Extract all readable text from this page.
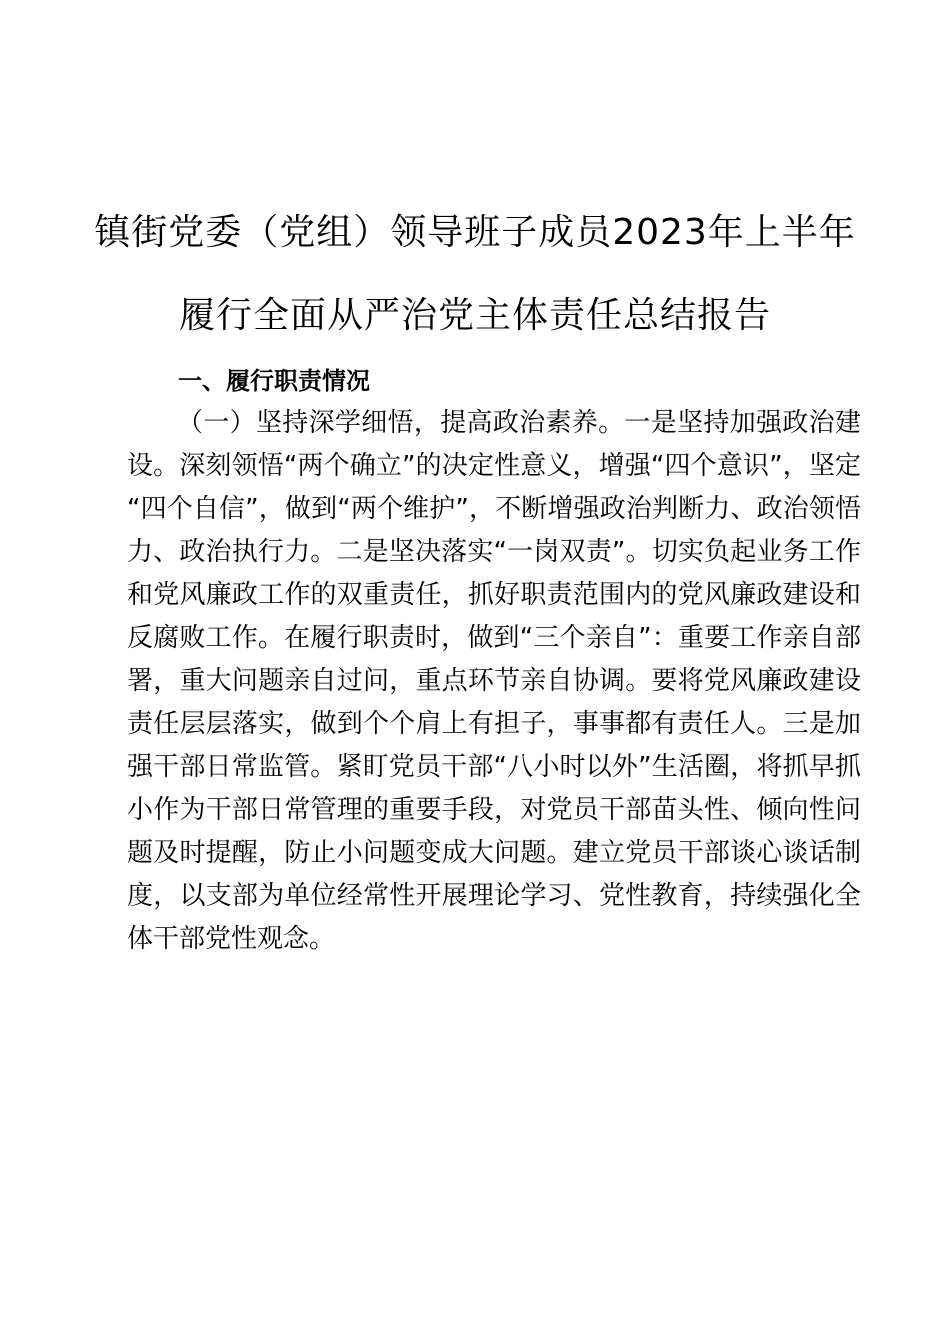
镇街党委（党组）领导班子成员2023年上半年
履行全面从严治党主体责任总结报告
一、履行职责情况
（一）坚持深学细悟，提高政治素养。一是坚持加强政治建
设。深刻领悟“两个确立”的决定性意义，增强“四个意识”，坚定
“四个自信”，做到“两个维护”，不断增强政治判断力、政治领悟
力、政治执行力。二是坚决落实“一岗双责”。切实负起业务工作
和党风廉政工作的双重责任，抓好职责范围内的党风廉政建设和
反腐败工作。在履行职责时，做到“三个亲自”：重要工作亲自部
署，重大问题亲自过问，重点环节亲自协调。要将党风廉政建设
责任层层落实，做到个个肩上有担子，事事都有责任人。三是加
强干部日常监管。紧盯党员干部“八小时以外”生活圈，将抓早抓
小作为干部日常管理的重要手段，对党员干部苗头性、倾向性问
题及时提醒，防止小问题变成大问题。建立党员干部谈心谈话制
度，以支部为单位经常性开展理论学习、党性教育，持续强化全
体干部党性观念。
